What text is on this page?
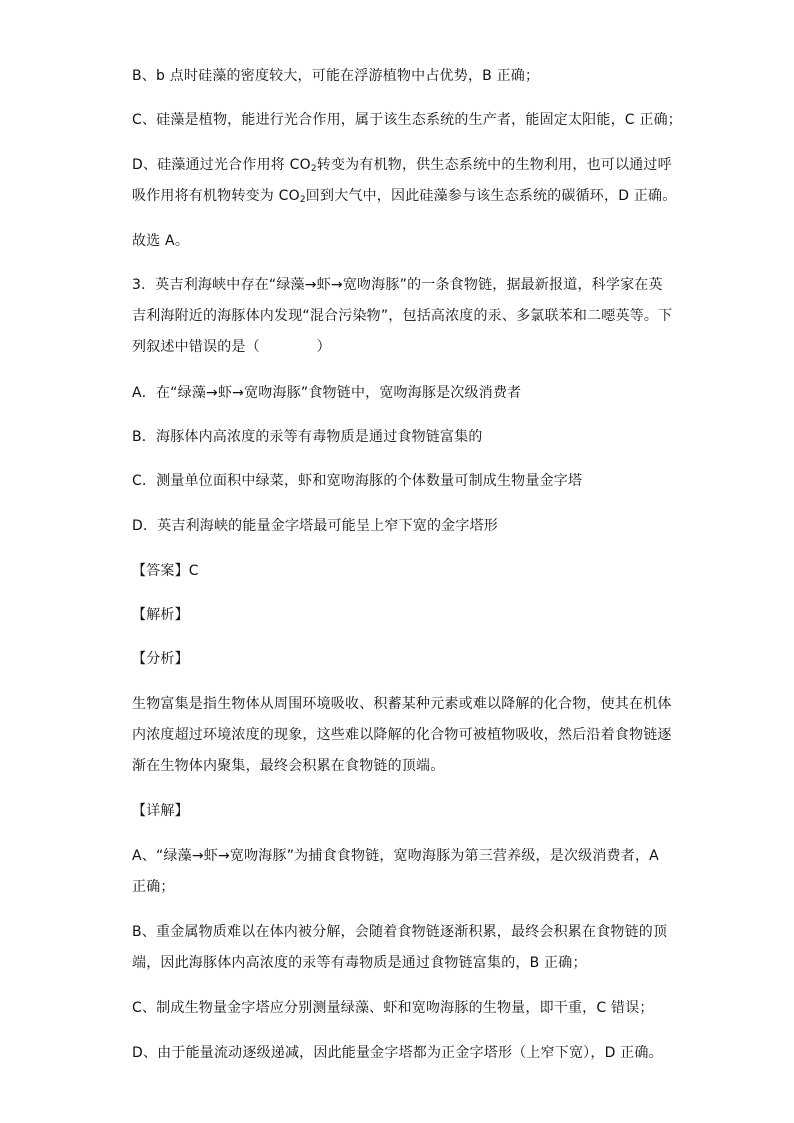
B、b 点时硅藻的密度较大，可能在浮游植物中占优势，B 正确；
C、硅藻是植物，能进行光合作用，属于该生态系统的生产者，能固定太阳能，C 正确；
D、硅藻通过光合作用将 $CO_2$转变为有机物，供生态系统中的生物利用，也可以通过呼
吸作用将有机物转变为 $CO_2$回到大气中，因此硅藻参与该生态系统的碳循环，D 正确。
故选 A。
3．英吉利海峡中存在“绿藻→虾→宽吻海豚”的一条食物链，据最新报道，科学家在英
吉利海附近的海豚体内发现“混合污染物”，包括高浓度的汞、多氯联苯和二噁英等。下
列叙述中错误的是（　　　　）
A．在“绿藻→虾→宽吻海豚”食物链中，宽吻海豚是次级消费者
B．海豚体内高浓度的汞等有毒物质是通过食物链富集的
C．测量单位面积中绿菜，虾和宽吻海豚的个体数量可制成生物量金字塔
D．英吉利海峡的能量金字塔最可能呈上窄下宽的金字塔形
【答案】C
【解析】
【分析】
生物富集是指生物体从周围环境吸收、积蓄某种元素或难以降解的化合物，使其在机体
内浓度超过环境浓度的现象，这些难以降解的化合物可被植物吸收，然后沿着食物链逐
渐在生物体内聚集，最终会积累在食物链的顶端。
【详解】
A、“绿藻→虾→宽吻海豚”为捕食食物链，宽吻海豚为第三营养级，是次级消费者，A
正确；
B、重金属物质难以在体内被分解，会随着食物链逐渐积累，最终会积累在食物链的顶
端，因此海豚体内高浓度的汞等有毒物质是通过食物链富集的，B 正确；
C、制成生物量金字塔应分别测量绿藻、虾和宽吻海豚的生物量，即干重，C 错误；
D、由于能量流动逐级递减，因此能量金字塔都为正金字塔形（上窄下宽），D 正确。
